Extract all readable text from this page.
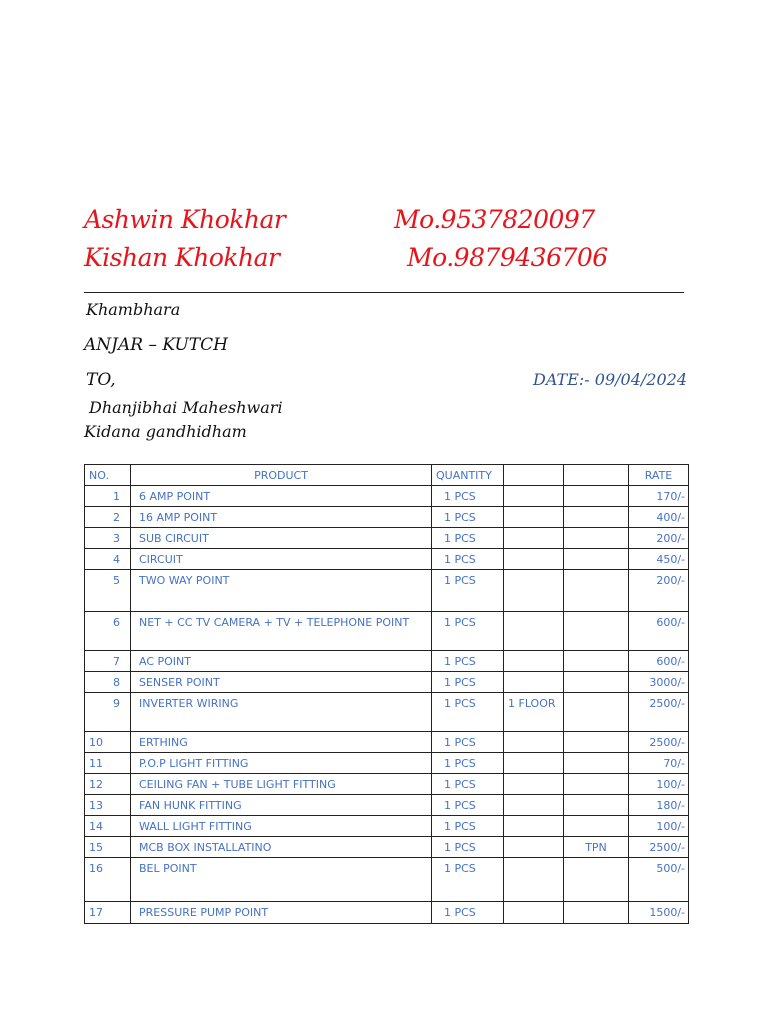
Ashwin Khokhar	Mo.9537820097
Kishan Khokhar	Mo.9879436706
Khambhara
ANJAR – KUTCH
TO,	DATE:- 09/04/2024
Dhanjibhai Maheshwari
Kidana gandhidham
NO.	PRODUCT	QUANTITY			RATE
1	6 AMP POINT	1 PCS			170/-
2	16 AMP POINT	1 PCS			400/-
3	SUB CIRCUIT	1 PCS			200/-
4	CIRCUIT	1 PCS			450/-
5	TWO WAY POINT	1 PCS			200/-
6	NET + CC TV CAMERA + TV + TELEPHONE POINT	1 PCS			600/-
7	AC POINT	1 PCS			600/-
8	SENSER POINT	1 PCS			3000/-
9	INVERTER WIRING	1 PCS	1 FLOOR		2500/-
10	ERTHING	1 PCS			2500/-
11	P.O.P LIGHT FITTING	1 PCS			70/-
12	CEILING FAN + TUBE LIGHT FITTING	1 PCS			100/-
13	FAN HUNK FITTING	1 PCS			180/-
14	WALL LIGHT FITTING	1 PCS			100/-
15	MCB BOX INSTALLATINO	1 PCS		TPN	2500/-
16	BEL POINT	1 PCS			500/-
17	PRESSURE PUMP POINT	1 PCS			1500/-
